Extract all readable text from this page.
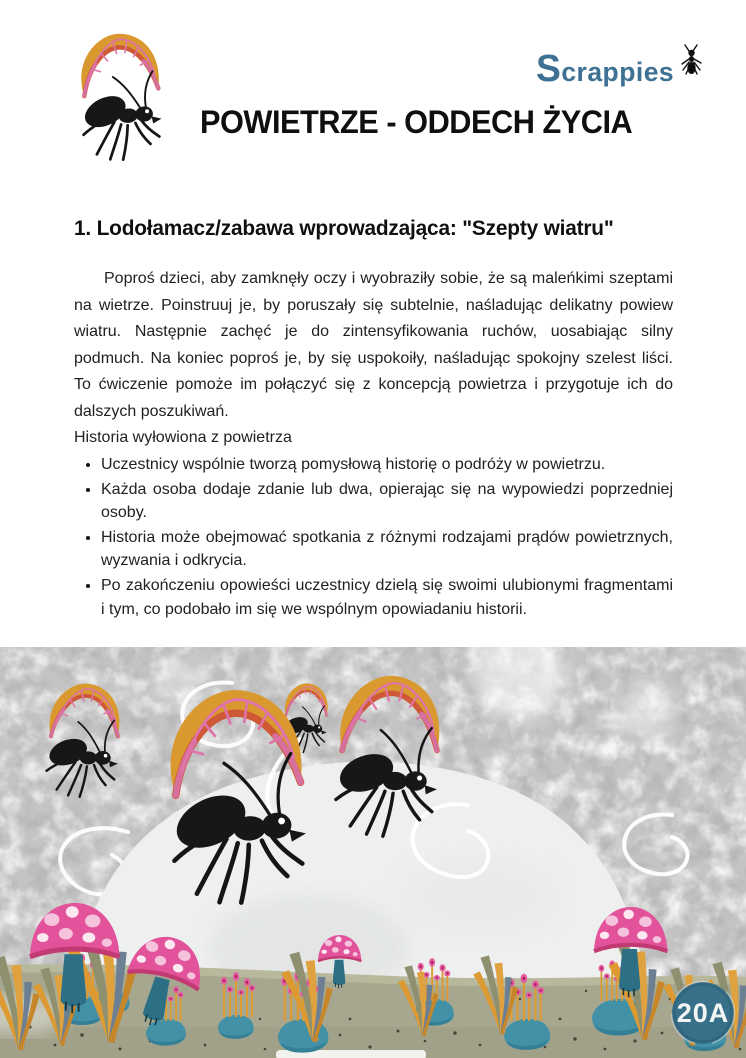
Scrappies
POWIETRZE - ODDECH ŻYCIA
1. Lodołamacz/zabawa wprowadzająca: "Szepty wiatru"

Poproś dzieci, aby zamknęły oczy i wyobraziły sobie, że są maleńkimi szeptami na wietrze. Poinstruuj je, by poruszały się subtelnie, naśladując delikatny powiew wiatru. Następnie zachęć je do zintensyfikowania ruchów, uosabiając silny podmuch. Na koniec poproś je, by się uspokoiły, naśladując spokojny szelest liści. To ćwiczenie pomoże im połączyć się z koncepcją powietrza i przygotuje ich do dalszych poszukiwań.

Historia wyłowiona z powietrza

• Uczestnicy wspólnie tworzą pomysłową historię o podróży w powietrzu.
• Każda osoba dodaje zdanie lub dwa, opierając się na wypowiedzi poprzedniej osoby.
• Historia może obejmować spotkania z różnymi rodzajami prądów powietrznych, wyzwania i odkrycia.
• Po zakończeniu opowieści uczestnicy dzielą się swoimi ulubionymi fragmentami i tym, co podobało im się we wspólnym opowiadaniu historii.
20A
